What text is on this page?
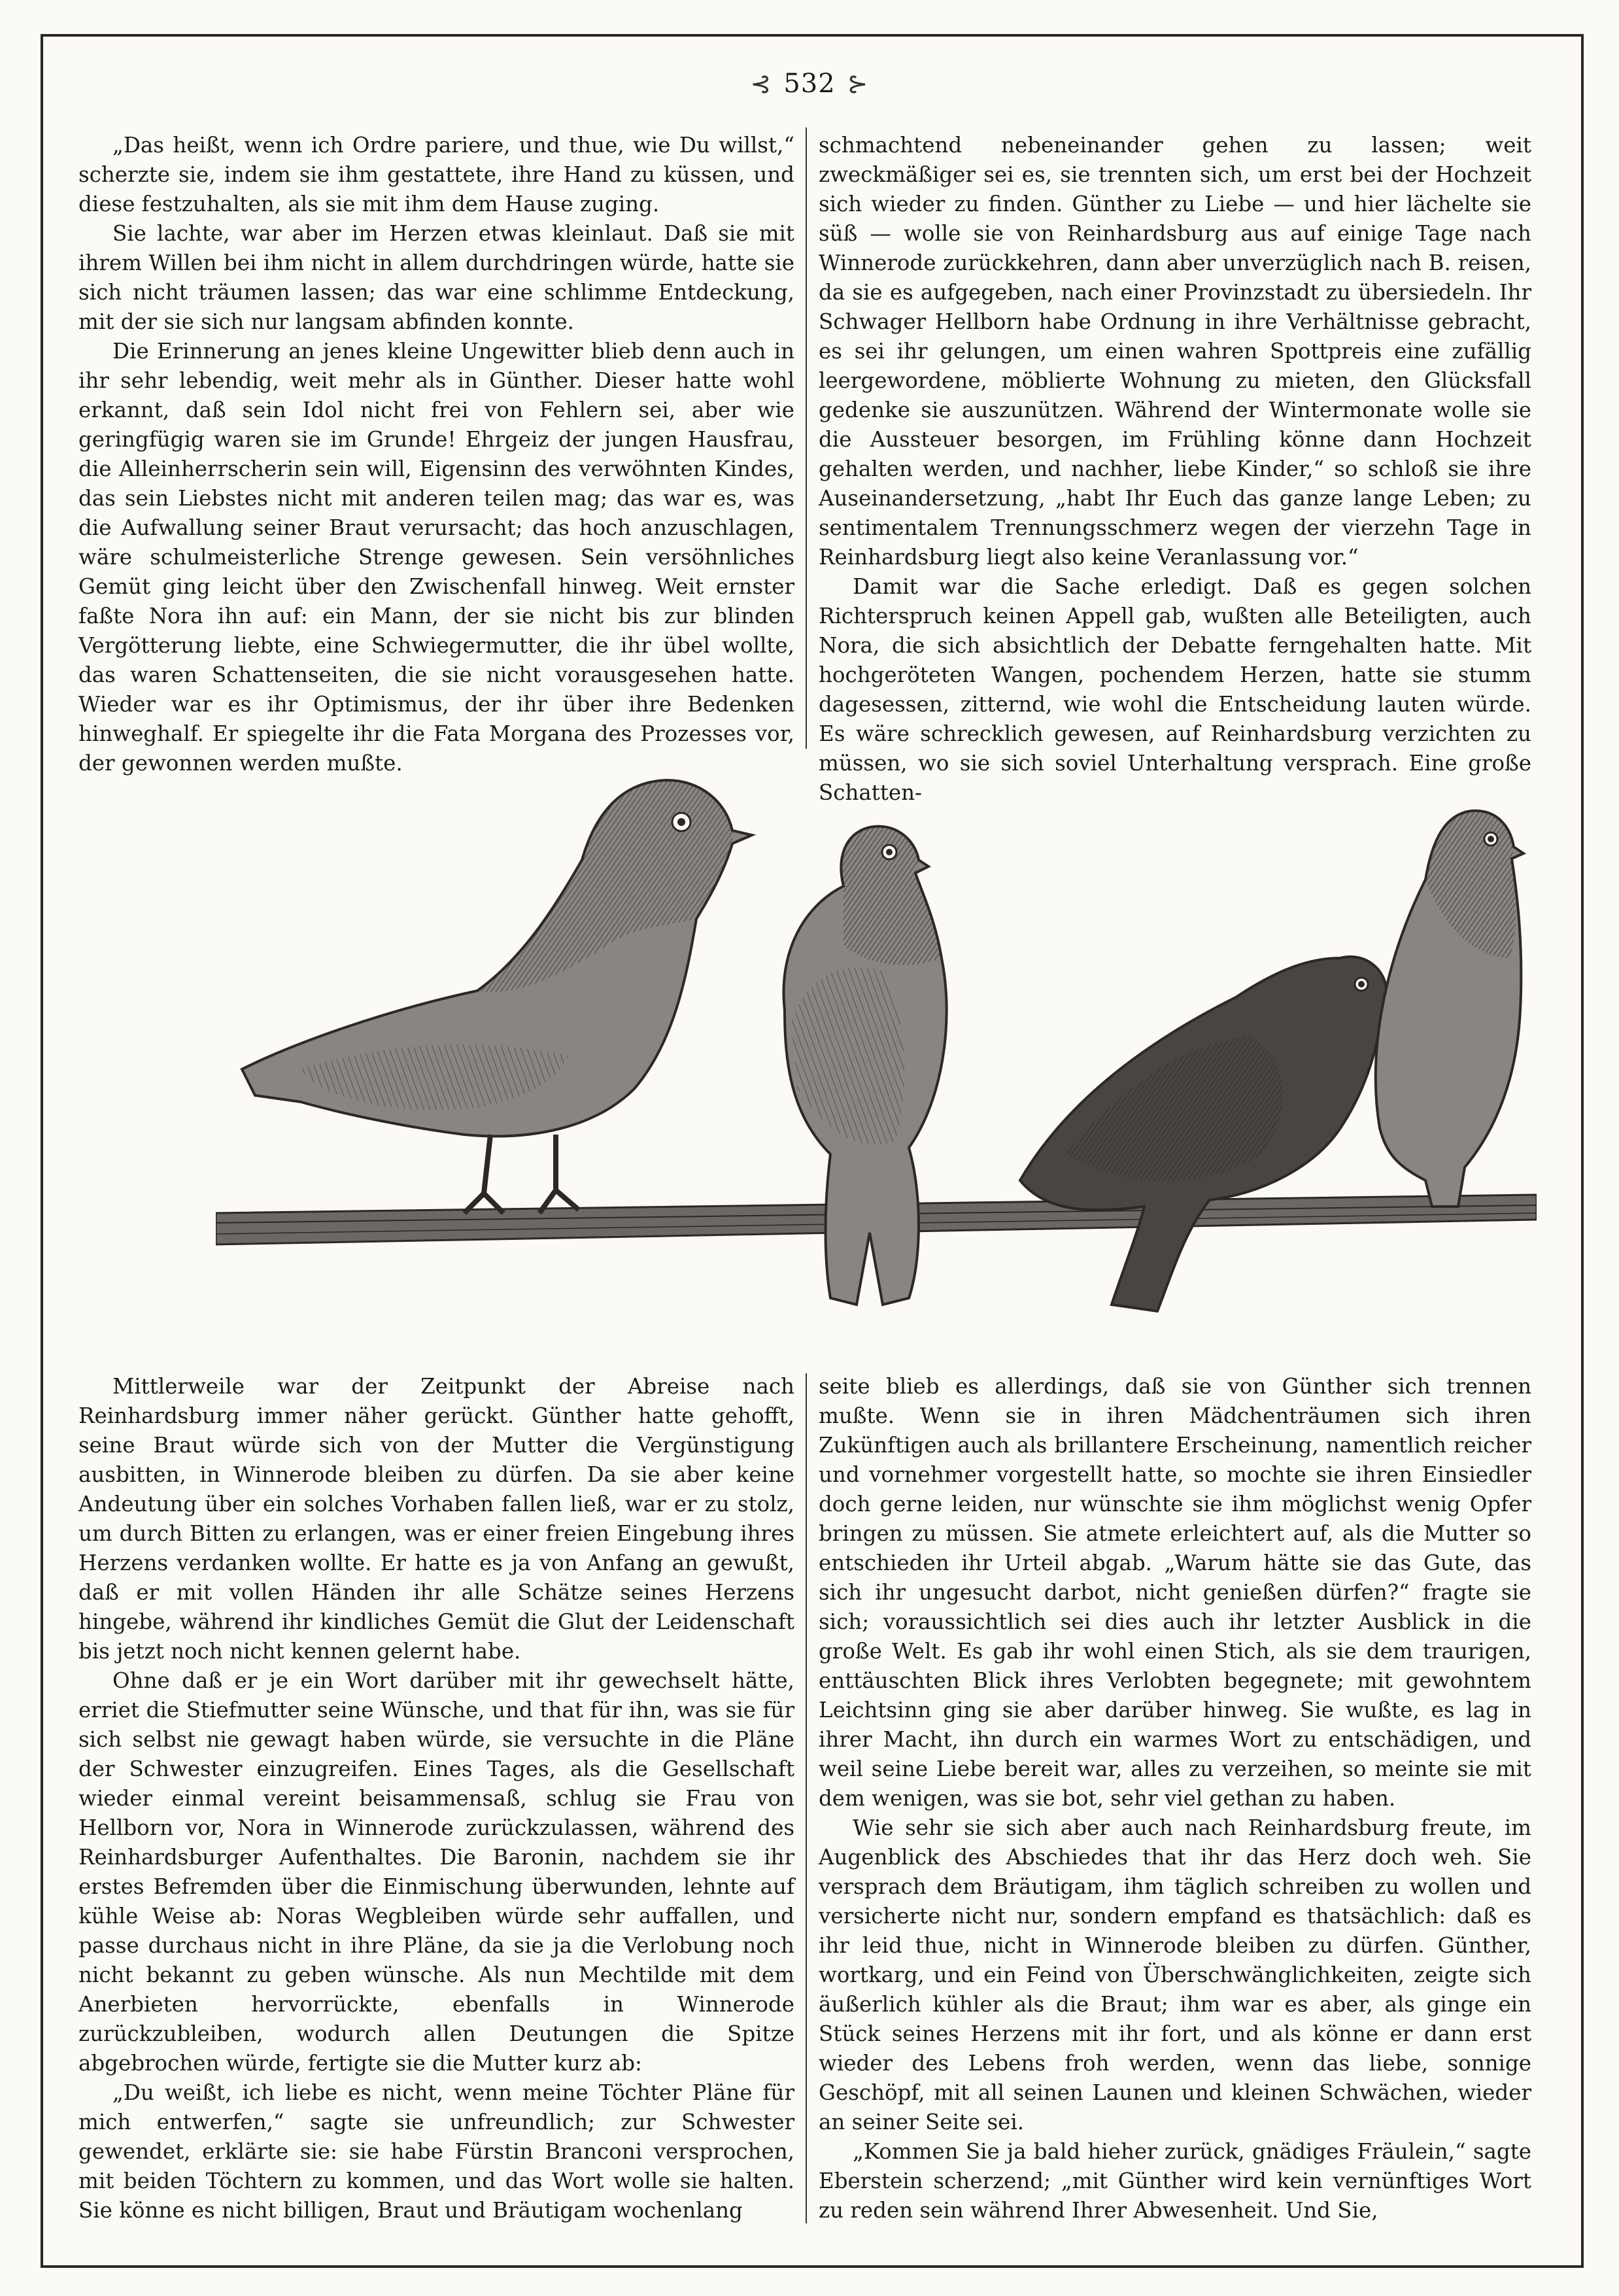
⊰ 532 ⊱

„Das heißt, wenn ich Ordre pariere, und thue, wie Du willst,“ scherzte sie, indem sie ihm gestattete, ihre Hand zu küssen, und diese festzuhalten, als sie mit ihm dem Hause zuging.

Sie lachte, war aber im Herzen etwas kleinlaut. Daß sie mit ihrem Willen bei ihm nicht in allem durchdringen würde, hatte sie sich nicht träumen lassen; das war eine schlimme Entdeckung, mit der sie sich nur langsam abfinden konnte.

Die Erinnerung an jenes kleine Ungewitter blieb denn auch in ihr sehr lebendig, weit mehr als in Günther. Dieser hatte wohl erkannt, daß sein Idol nicht frei von Fehlern sei, aber wie geringfügig waren sie im Grunde! Ehrgeiz der jungen Hausfrau, die Alleinherrscherin sein will, Eigensinn des verwöhnten Kindes, das sein Liebstes nicht mit anderen teilen mag; das war es, was die Aufwallung seiner Braut verursacht; das hoch anzuschlagen, wäre schulmeisterliche Strenge gewesen. Sein versöhnliches Gemüt ging leicht über den Zwischenfall hinweg. Weit ernster faßte Nora ihn auf: ein Mann, der sie nicht bis zur blinden Vergötterung liebte, eine Schwiegermutter, die ihr übel wollte, das waren Schattenseiten, die sie nicht vorausgesehen hatte. Wieder war es ihr Optimismus, der ihr über ihre Bedenken hinweghalf. Er spiegelte ihr die Fata Morgana des Prozesses vor, der gewonnen werden mußte.

schmachtend nebeneinander gehen zu lassen; weit zweckmäßiger sei es, sie trennten sich, um erst bei der Hochzeit sich wieder zu finden. Günther zu Liebe — und hier lächelte sie süß — wolle sie von Reinhardsburg aus auf einige Tage nach Winnerode zurückkehren, dann aber unverzüglich nach B. reisen, da sie es aufgegeben, nach einer Provinzstadt zu übersiedeln. Ihr Schwager Hellborn habe Ordnung in ihre Verhältnisse gebracht, es sei ihr gelungen, um einen wahren Spottpreis eine zufällig leergewordene, möblierte Wohnung zu mieten, den Glücksfall gedenke sie auszunützen. Während der Wintermonate wolle sie die Aussteuer besorgen, im Frühling könne dann Hochzeit gehalten werden, und nachher, liebe Kinder,“ so schloß sie ihre Auseinandersetzung, „habt Ihr Euch das ganze lange Leben; zu sentimentalem Trennungsschmerz wegen der vierzehn Tage in Reinhardsburg liegt also keine Veranlassung vor.“

Damit war die Sache erledigt. Daß es gegen solchen Richterspruch keinen Appell gab, wußten alle Beteiligten, auch Nora, die sich absichtlich der Debatte ferngehalten hatte. Mit hochgeröteten Wangen, pochendem Herzen, hatte sie stumm dagesessen, zitternd, wie wohl die Entscheidung lauten würde. Es wäre schrecklich gewesen, auf Reinhardsburg verzichten zu müssen, wo sie sich soviel Unterhaltung versprach. Eine große Schatten-

Mittlerweile war der Zeitpunkt der Abreise nach Reinhardsburg immer näher gerückt. Günther hatte gehofft, seine Braut würde sich von der Mutter die Vergünstigung ausbitten, in Winnerode bleiben zu dürfen. Da sie aber keine Andeutung über ein solches Vorhaben fallen ließ, war er zu stolz, um durch Bitten zu erlangen, was er einer freien Eingebung ihres Herzens verdanken wollte. Er hatte es ja von Anfang an gewußt, daß er mit vollen Händen ihr alle Schätze seines Herzens hingebe, während ihr kindliches Gemüt die Glut der Leidenschaft bis jetzt noch nicht kennen gelernt habe.

Ohne daß er je ein Wort darüber mit ihr gewechselt hätte, erriet die Stiefmutter seine Wünsche, und that für ihn, was sie für sich selbst nie gewagt haben würde, sie versuchte in die Pläne der Schwester einzugreifen. Eines Tages, als die Gesellschaft wieder einmal vereint beisammensaß, schlug sie Frau von Hellborn vor, Nora in Winnerode zurückzulassen, während des Reinhardsburger Aufenthaltes. Die Baronin, nachdem sie ihr erstes Befremden über die Einmischung überwunden, lehnte auf kühle Weise ab: Noras Wegbleiben würde sehr auffallen, und passe durchaus nicht in ihre Pläne, da sie ja die Verlobung noch nicht bekannt zu geben wünsche. Als nun Mechtilde mit dem Anerbieten hervorrückte, ebenfalls in Winnerode zurückzubleiben, wodurch allen Deutungen die Spitze abgebrochen würde, fertigte sie die Mutter kurz ab:

„Du weißt, ich liebe es nicht, wenn meine Töchter Pläne für mich entwerfen,“ sagte sie unfreundlich; zur Schwester gewendet, erklärte sie: sie habe Fürstin Branconi versprochen, mit beiden Töchtern zu kommen, und das Wort wolle sie halten. Sie könne es nicht billigen, Braut und Bräutigam wochenlang

seite blieb es allerdings, daß sie von Günther sich trennen mußte. Wenn sie in ihren Mädchenträumen sich ihren Zukünftigen auch als brillantere Erscheinung, namentlich reicher und vornehmer vorgestellt hatte, so mochte sie ihren Einsiedler doch gerne leiden, nur wünschte sie ihm möglichst wenig Opfer bringen zu müssen. Sie atmete erleichtert auf, als die Mutter so entschieden ihr Urteil abgab. „Warum hätte sie das Gute, das sich ihr ungesucht darbot, nicht genießen dürfen?“ fragte sie sich; voraussichtlich sei dies auch ihr letzter Ausblick in die große Welt. Es gab ihr wohl einen Stich, als sie dem traurigen, enttäuschten Blick ihres Verlobten begegnete; mit gewohntem Leichtsinn ging sie aber darüber hinweg. Sie wußte, es lag in ihrer Macht, ihn durch ein warmes Wort zu entschädigen, und weil seine Liebe bereit war, alles zu verzeihen, so meinte sie mit dem wenigen, was sie bot, sehr viel gethan zu haben.

Wie sehr sie sich aber auch nach Reinhardsburg freute, im Augenblick des Abschiedes that ihr das Herz doch weh. Sie versprach dem Bräutigam, ihm täglich schreiben zu wollen und versicherte nicht nur, sondern empfand es thatsächlich: daß es ihr leid thue, nicht in Winnerode bleiben zu dürfen. Günther, wortkarg, und ein Feind von Überschwänglichkeiten, zeigte sich äußerlich kühler als die Braut; ihm war es aber, als ginge ein Stück seines Herzens mit ihr fort, und als könne er dann erst wieder des Lebens froh werden, wenn das liebe, sonnige Geschöpf, mit all seinen Launen und kleinen Schwächen, wieder an seiner Seite sei.

„Kommen Sie ja bald hieher zurück, gnädiges Fräulein,“ sagte Eberstein scherzend; „mit Günther wird kein vernünftiges Wort zu reden sein während Ihrer Abwesenheit. Und Sie,
